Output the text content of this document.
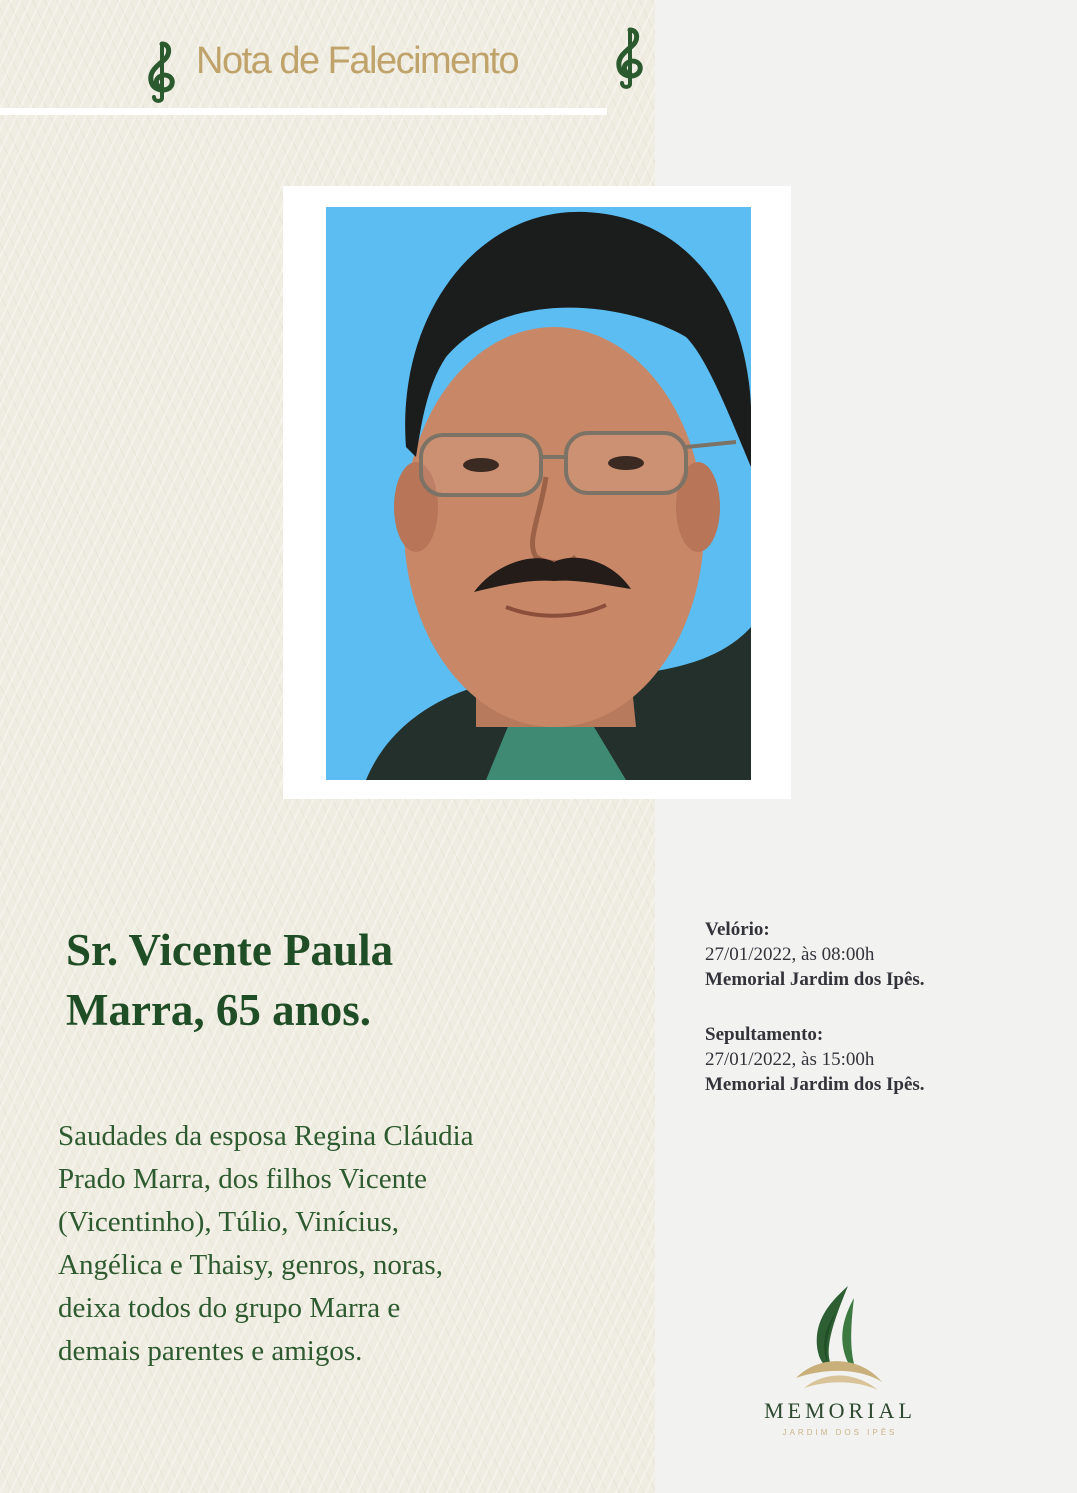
Nota de Falecimento
Sr. Vicente Paula
Marra, 65 anos.
Saudades da esposa Regina Cláudia
Prado Marra, dos filhos Vicente
(Vicentinho), Túlio, Vinícius,
Angélica e Thaisy, genros, noras,
deixa todos do grupo Marra e
demais parentes e amigos.
Velório:
27/01/2022, às 08:00h
Memorial Jardim dos Ipês.
Sepultamento:
27/01/2022, às 15:00h
Memorial Jardim dos Ipês.
MEMORIAL
JARDIM DOS IPÊS
